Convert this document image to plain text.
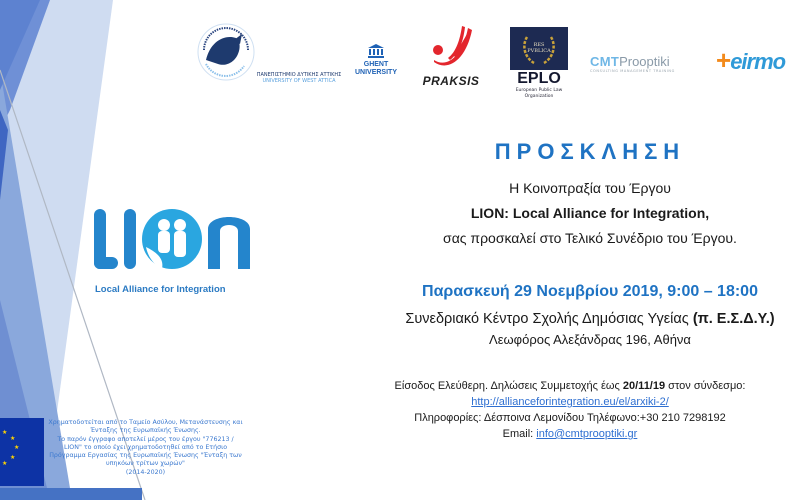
ΠΑΝΕΠΙΣΤΗΜΙΟ ΔΥΤΙΚΗΣ ΑΤΤΙΚΗΣ
UNIVERSITY OF WEST ATTICA
GHENT
UNIVERSITY
PRAKSIS
RES
PVBLICA
EPLO
European Public Law Organization
CMTProoptiki
CONSULTING MANAGEMENT TRAINING	+eirmo
Local Alliance for Integration
ΠΡΟΣΚΛΗΣΗ
Η Κοινοπραξία του Έργου
LION: Local Alliance for Integration,
σας προσκαλεί στο Τελικό Συνέδριο του Έργου.
Παρασκευή 29 Νοεμβρίου 2019, 9:00 – 18:00
Συνεδριακό Κέντρο Σχολής Δημόσιας Υγείας (π. Ε.Σ.Δ.Υ.)
Λεωφόρος Αλεξάνδρας 196, Αθήνα
Είσοδος Ελεύθερη. Δηλώσεις Συμμετοχής έως 20/11/19 στον σύνδεσμο:
http://allianceforintegration.eu/el/arxiki-2/
Πληροφορίες: Δέσποινα Λεμονίδου Τηλέφωνο:+30 210 7298192
Email: info@cmtprooptiki.gr
★
★
★
★
★
Χρηματοδοτείται από το Ταμείο Ασύλου, Μετανάστευσης και
Ένταξης της Ευρωπαϊκής Ένωσης.
Το παρόν έγγραφο αποτελεί μέρος του έργου "776213 /
LION" το οποίο έχει χρηματοδοτηθεί από το Ετήσιο
Πρόγραμμα Εργασίας της Ευρωπαϊκής Ένωσης "Ένταξη των
υπηκόων τρίτων χωρών"
(2014-2020)
